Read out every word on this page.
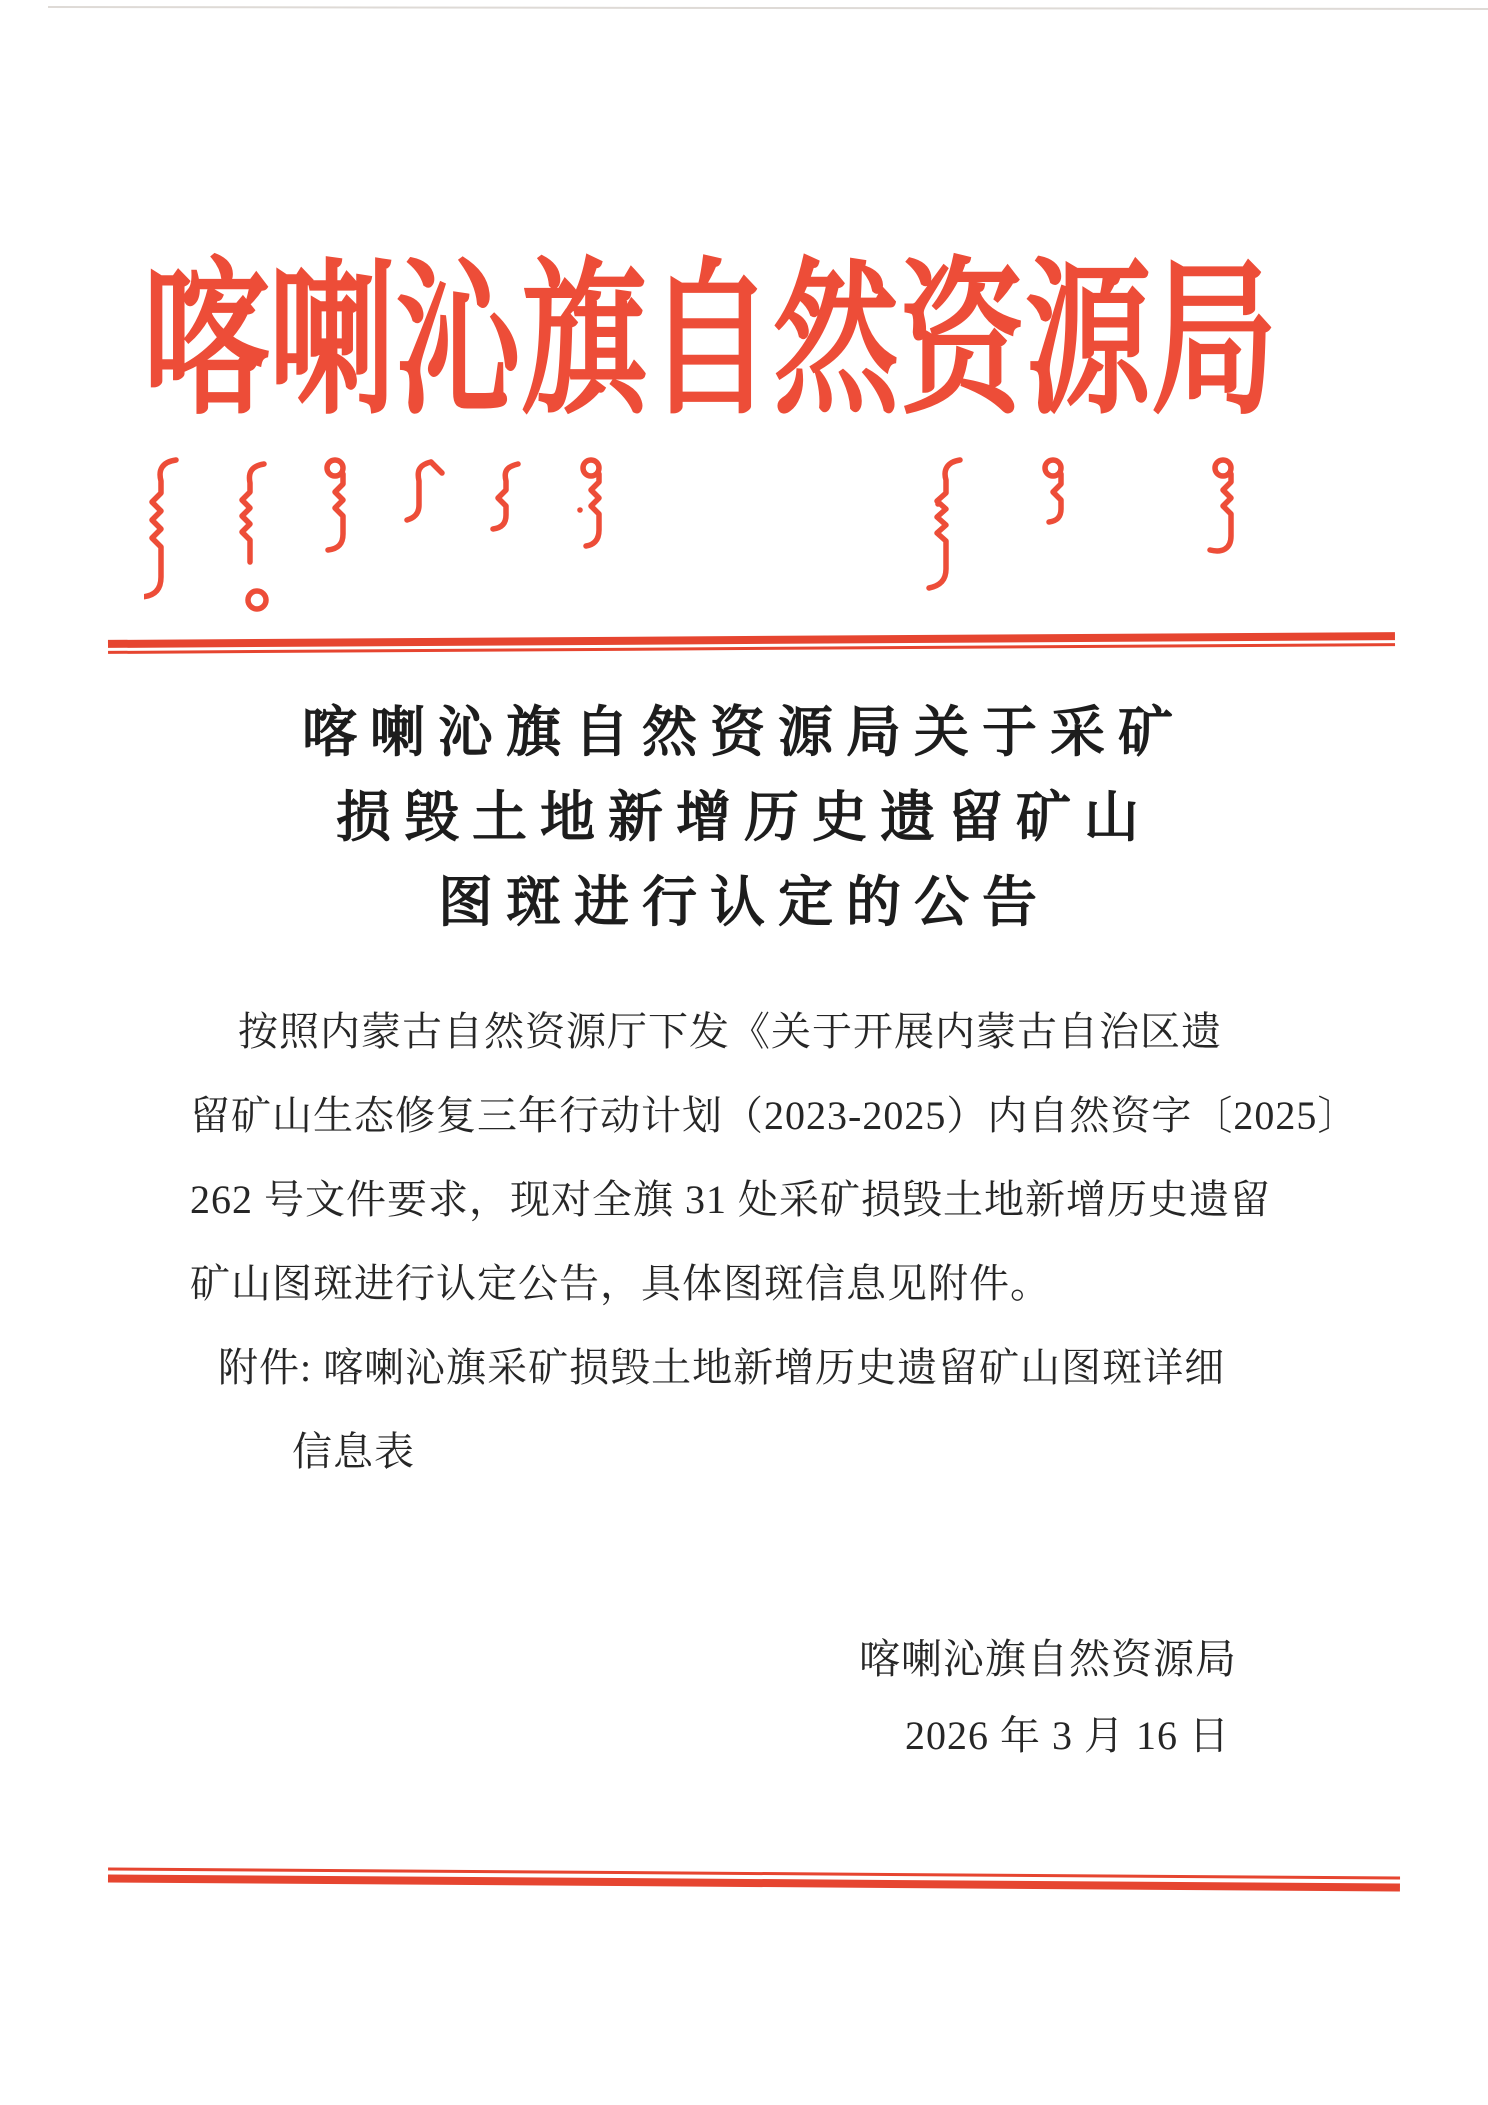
喀喇沁旗自然资源局
喀喇沁旗自然资源局关于采矿
损毁土地新增历史遗留矿山
图斑进行认定的公告
按照内蒙古自然资源厅下发《关于开展内蒙古自治区遗
留矿山生态修复三年行动计划（2023-2025）内自然资字〔2025〕
262 号文件要求，现对全旗 31 处采矿损毁土地新增历史遗留
矿山图斑进行认定公告，具体图斑信息见附件。
附件: 喀喇沁旗采矿损毁土地新增历史遗留矿山图斑详细
信息表
喀喇沁旗自然资源局
2026 年 3 月 16 日
